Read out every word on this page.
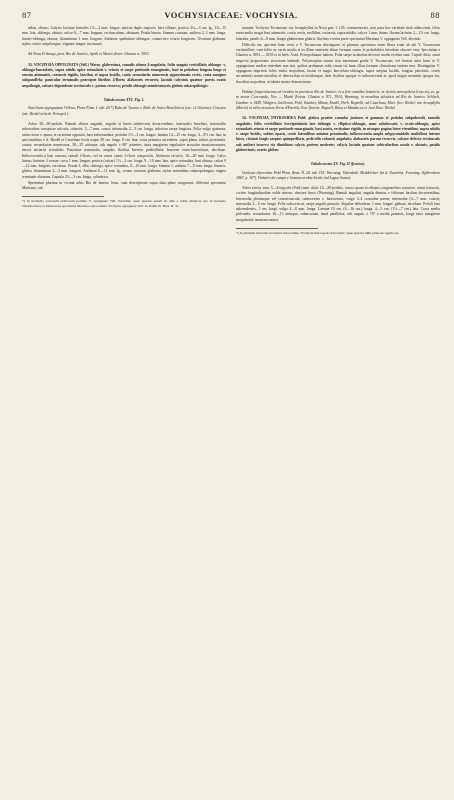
87	VOCHYSIACEAE: VOCHYSIA.	88

nibus, obtuso. Calycis laciniae laterales 1½—2 mm. longae, anticae duplo majores, basi ciliatae; postica 2¼—3 cm. lg., 10—15 mm. lata, oblonga, obtusa; calcar 6—7 mm. longum, rectiusculum, obtusum. Petala binata. Stamen crassum, anthera 2–3 mm. longa, lineari-oblonga, obtusa; filamentum 1 mm. longum. Antherae spathulato-oblongae, connectivo ovario longiores. Ovarium glabrum; stylus ovario aequilongus, stigmate magno incrassato.

Ad Nova Friburgo, prov. Rio de Janeiro, Aprili et Martio floret: Glaziou n. 3953.

33. VOCHYSIA OPPUGNATA (Vell.) Warm. glaberrima, ramulis obtuse 4-angulatis; foliis magnis verticillatis oblongo- v. oblongo-lanceolatis, supra nitidis apice rotundatis v. retusis et saepe profunde emarginatis, basi in petiolum longum longe et sensim attenuatis, coriaceis rigidis, laevibus et supra lucidis, costis secundariis numerosis approximatis rectis, costa margine subparallela; paniculae terminalis praecipue floribus 4-floris; alabastris recurvis; laciniis calycinis quatuor parvis ovatis aequilongis, calcare dependente rectiusculo v. parum recurvo; petalis oblongis membranaceis glabris subaequilongis.

Tabula nostra XVI. Fig. I.

Struchium oppugnatum Velloso, Flora Flum. I. tab. 20.*) Rabo de Tucano v. Rabo de Arara Brasiliensis (sec. cl. Glaziou); Urucuca (sec. Riedel in herb. Petropol.).

Arbor 30—60-pedalis. Ramuli obtuse angulati, angulis et lineis subelevatis decurrentibus, internodiis brevibus, internodiis inferioribus conspicue sulcatis, robustis, 5—7 mm. crassi; internodia 2—5 cm. longa, inferiora saepe longiora. Folia vulgo quaterna, rarius terna v. quina, et rarissime opposita, basi subrotundata; petiolus 1½—3 cm. longus; lamina 14—25 cm. longa, 4—8½ cm. lata; in speciminibus e cl. Riedel et Castelnau lectis usque 30 cm. longa, 8 cm. lata; costa primaria ascendens, supra plana, subtus prominula, crassa; secundariae numerosae, 30—35 utrinque, sub angulo ± 80° patentes, intra marginem regulariter arcuatim anastomosantes, nervis tertiariis reticulatis. Paniculae terminales, amplae, floribus breviter pedicellatis; bracteae ovato-lanceolatae, deciduae. Inflorescentia a basi ramosa; ramuli 4-floris, vel in ramis cymis 2-floris compositis. Alabastra recurva, 10—20 mm. longa. Calyx luteus; laciniae 4 ovatae, circa 1 mm. longae; postica (calcar) 1½—2 cm. longa, 9—10 mm. lata, apice rotundata, basi obtusa; calcar 9—12 mm. longum, curvatum. Petala 3, alba, oblonga, apice rotundata, 8—10 mm. longa. Stamen 1; anthera 7—8 mm. longa, linearis, glabra; filamentum 2—3 mm. longum. Antherae 6—11 mm. lg., ovata; ovarium glabrum; stylus staminibus subaequilongus; stigma terminale obtusum. Capsula 2½—3 cm. longa, cylindrica.

Specimina plurima in vicinia urbis Rio de Janeiro lecta, cum descriptione supra data plane congruunt; differunt specimina Martiana, sub

*) In herbariis auctorum primorum nomine V. oppugnata Vell. invenitur, quae species autem ab aliis a nobis distincta est; in herbario Vindobonensi et Monacensi specimina Martiana sub nomine 'Vochysia oppugnata Vell.' in Pohlii Pl. Bras. II. 31.

nomine: Vochysia Tucanorum var. hexaphyllus in Nova gen. I. 143. commemorata, non justa hoc varietate tituli adducenda, foliis enim multo magis basi attenuatis, costis rectis, mollibus, coriaceis, supra nitidis; calyce 1 mm. latum, florum lacinias 2—2½ cm. longa, lateralia, petalis 6—8 mm. longis glaberrimis glabris; floribus e tertia parte specimina Martiana V. oppugnata Vell. dicendo.

Difficilis est, speciem hanc recte a V. Tucanorum distinguere, et plurima specimina enim flores erant ab alii V. Tucanorum verisimiliter; cum foliis ex variis modis et ex illam sententia alium formam suum, et probabiliter interdum obscure vera. Specimina a Glaziou n. 3953 — 8193 et in herb. Acad. Petropolitanae habent. Folia saepe in duobus diversis modis evoluta sunt: 'Capitè' ditio, omni respectu proportionis structione habendi. Polymorphia verum non maximum gradu V. Tucanorum, vel formae inter hanc et V. oppugnatam mediae interdum non nisi, quibus probamus mihi visum sit, hanc illius formam climaticam tantum esse. Distinguitur V. oppugnata imprimis foliis multo majoribus, laxius et magis lanceolato-oblongis, supra saepius lucidis, longius petiolatis, costis secundariis numerosioribus et densioribus rectioribusque, dein floribus quoque et inflorescentia et, quod magni momenti quoque est, fructibus majoribus, at tabula monte demonstratur.

Habitat frequentissima ad viridem in provincia Rio de Janeiro, et a fere omnibus botanicis, in vicinia metropoleos lecta est, ex. gr. in monte Corcovado, Nov. — Martii florens: Glaziou n. 871, 3914, Warming; in montibus silvaticis ad Rio de Janeiro: Schlech, Gardner n. 5449, Widgren, Guillemin, Pohl, Vauthier, Mikan, Riedel, Herb. Regnelli; ad Castelnau, Mart. flor.: Riedel; var. hexaphylla (Martii) in silvis montium Serra d'Estrella, Estr. florens: Regnell; Boiss et Manducca et José Dias: Riedel.

34. VOCHYSIA THYRSOIDEA Pohl: glabra praeter ramulos juniores et gemmas et petiolos subpuberuli, ramulis angulatis; foliis verticillatis brevipetiolatis late oblongis v. elliptico-oblongis, nunc subobovatis v. ovato-oblongis, apice rotundatis retusis et saepe profunde emarginatis, basi acutis, rectissime rigidis, in utraque pagina luteo-virentibus, supra nitidis v. saepe lucidis, subtus opacis, costis lateralibus minime prominulis; inflorescentia ampla subpyramidalis multiflora intense lutea, cicinnis longis saepius quinqueflorís, pedicellis robustis angulatis; alabastris parum recurvis, calcare defecto rectiusculo sub anthesi incurvo vix dimidium calycis partem metiente; calycis laciniis quatuor orbicularibus acutis v. obtusis; petalis glaberrimis; ovario glabro.

Tabula nostra XV. Fig. II (fructus).

Vochysia thyrsoidea Pohl Plant. Bras. II. 24. tab. 115; Warming, Videnskab. Meddelelser fra d. Naturhist. Forening; Kjøbenhavn 1867. p. 36*). Vinheiro do campo e Gomma arabia locale (ad Lagoa Santa).

Arbor erecta, sunc 3—4-orgyalis (Pohl) nunc altior 15—20-pedalis, trunco quam in reliquis congeneribus crassiore, ramis tortuosis, cortice longitudinaliter valde rimoso, obscure fusco (Warming). Ramuli angulati, angulis dumius e foliorum basibus decurrentibus; Internodia plerumque vel concaviuscula, rubescentes v. lutescentes, vulgo 3–4 crassidne paene; internodia (4—7 mm. crassi); internodia 2—6 cm. longa. Folia subcoriacea, saepe angulis pinnatis. Stipulae deltoideae, 1 mm. longae, glabrae, deciduae. Petioli basi adscendentes, 1 cm. longi, vulgo 4—8 mm. longa. Lamina 10 cm. (6—16 cm.) longa, 4—5 cm. (1½—7 cm.) lata. Costa media pulvinala; secundariae 10—15 utrinque, subarcuatae, haud parallelae, sub angulo ± 70° a media patentes, longe intra marginem irregulariter anastomosantes.

*) In plurimis herbariis invenitur sub nomine 'Vochysia macropoda Zuccarini', quae species mihi plane incognita est.
